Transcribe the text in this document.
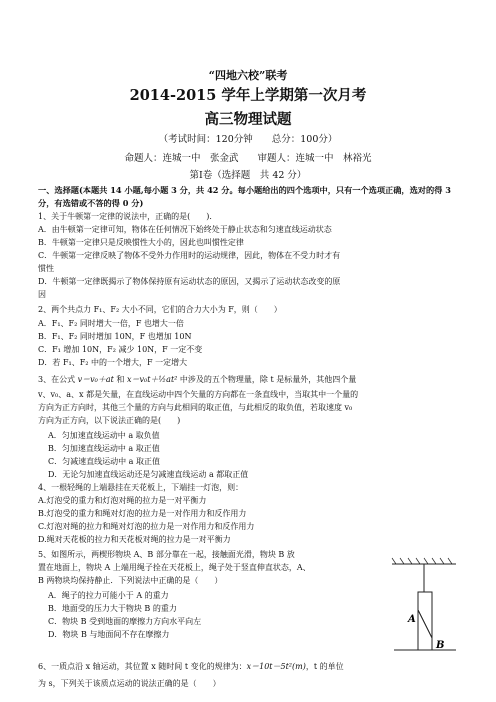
“四地六校”联考
2014-2015 学年上学期第一次月考
高三物理试题
（考试时间：120分钟　　总分：100分）
命题人：连城一中　张金武　　审题人：连城一中　林裕光
第Ⅰ卷（选择题　共 42 分）
一、选择题(本题共 14 小题,每小题 3 分，共 42 分。每小题给出的四个选项中，只有一个选项正确，选对的得 3 分，有选错或不答的得 0 分)
1、关于牛顿第一定律的说法中，正确的是(　　)．
A．由牛顿第一定律可知，物体在任何情况下始终处于静止状态和匀速直线运动状态
B．牛顿第一定律只是反映惯性大小的，因此也叫惯性定律
C．牛顿第一定律反映了物体不受外力作用时的运动规律，因此，物体在不受力时才有
惯性
D．牛顿第一定律既揭示了物体保持原有运动状态的原因，又揭示了运动状态改变的原
因
2、两个共点力 F₁、F₂ 大小不同，它们的合力大小为 F，则（　　）
A．F₁、F₂ 同时增大一倍，F 也增大一倍
B．F₁、F₂ 同时增加 10N，F 也增加 10N
C．F₁ 增加 10N，F₂ 减少 10N，F 一定不变
D．若 F₁、F₂ 中的一个增大，F 一定增大
3、在公式 v＝v₀＋at 和 x＝v₀t＋½at² 中涉及的五个物理量，除 t 是标量外，其他四个量
v、v₀、a、x 都是矢量，在直线运动中四个矢量的方向都在一条直线中，当取其中一个量的
方向为正方向时，其他三个量的方向与此相同的取正值，与此相反的取负值，若取速度 v₀
方向为正方向，以下说法正确的是(　　)
A．匀加速直线运动中 a 取负值
B．匀加速直线运动中 a 取正值
C．匀减速直线运动中 a 取正值
D．无论匀加速直线运动还是匀减速直线运动 a 都取正值
4、一根轻绳的上端悬挂在天花板上，下端挂一灯泡，则：
A.灯泡受的重力和灯泡对绳的拉力是一对平衡力
B.灯泡受的重力和绳对灯泡的拉力是一对作用力和反作用力
C.灯泡对绳的拉力和绳对灯泡的拉力是一对作用力和反作用力
D.绳对天花板的拉力和天花板对绳的拉力是一对平衡力
5、如图所示，两楔形物块 A、B 部分靠在一起，接触面光滑，物块 B 放
置在地面上，物块 A 上端用绳子拴在天花板上，绳子处于竖直伸直状态，A、
B 两物块均保持静止．下列说法中正确的是（　　）
A．绳子的拉力可能小于 A 的重力
B．地面受的压力大于物块 B 的重力
C．物块 B 受到地面的摩擦力方向水平向左
D．物块 B 与地面间不存在摩擦力
A
B
6、一质点沿 x 轴运动，其位置 x 随时间 t 变化的规律为：x＝10t－5t²(m)，t 的单位
为 s，下列关于该质点运动的说法正确的是（　　）
